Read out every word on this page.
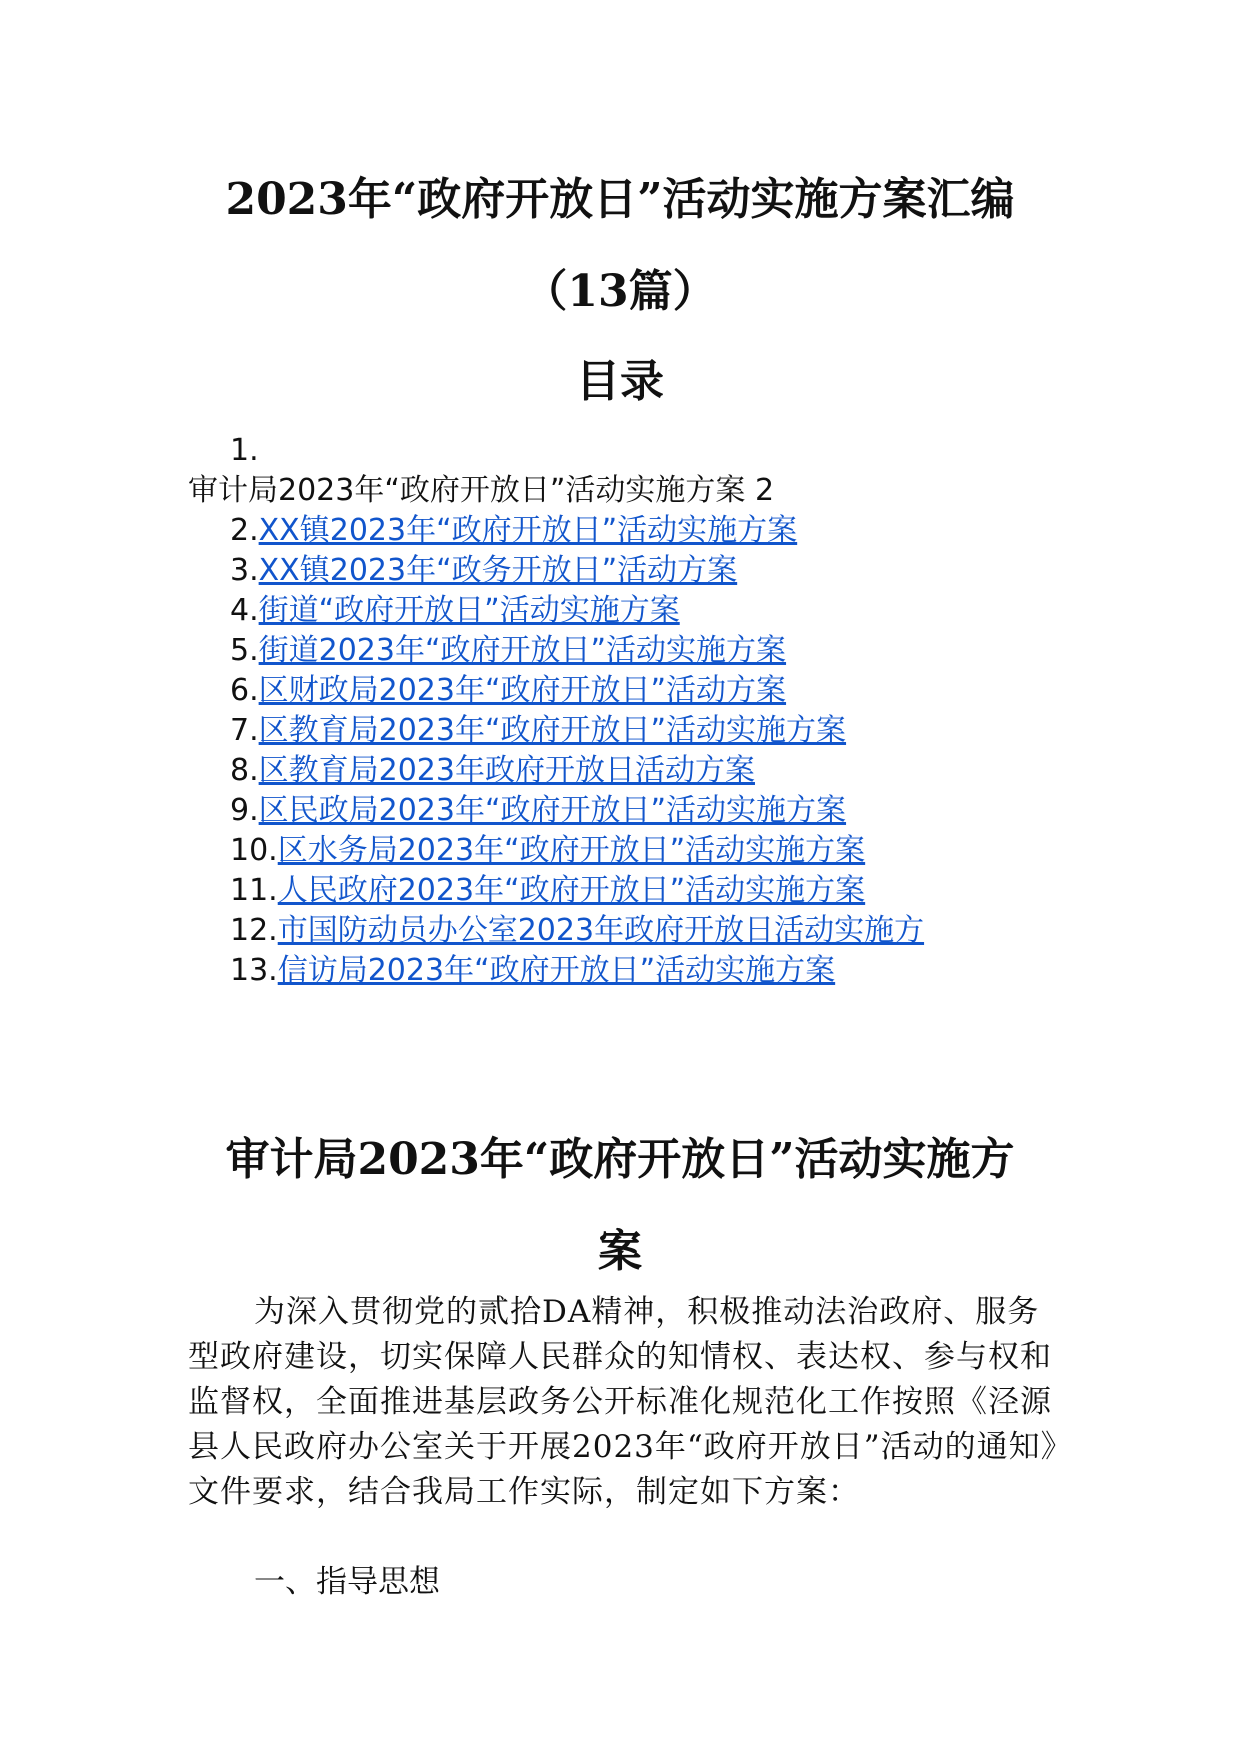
2023年“政府开放日”活动实施方案汇编
（13篇）
目录
1.
审计局2023年“政府开放日”活动实施方案 2
2.XX镇2023年“政府开放日”活动实施方案
3.XX镇2023年“政务开放日”活动方案
4.街道“政府开放日”活动实施方案
5.街道2023年“政府开放日”活动实施方案
6.区财政局2023年“政府开放日”活动方案
7.区教育局2023年“政府开放日”活动实施方案
8.区教育局2023年政府开放日活动方案
9.区民政局2023年“政府开放日”活动实施方案
10.区水务局2023年“政府开放日”活动实施方案
11.人民政府2023年“政府开放日”活动实施方案
12.市国防动员办公室2023年政府开放日活动实施方
13.信访局2023年“政府开放日”活动实施方案
审计局2023年“政府开放日”活动实施方
案

为深入贯彻党的贰拾DA精神，积极推动法治政府、服务型政府建设，切实保障人民群众的知情权、表达权、参与权和监督权，全面推进基层政务公开标准化规范化工作按照《泾源县人民政府办公室关于开展2023年“政府开放日”活动的通知》文件要求，结合我局工作实际，制定如下方案：

一、指导思想
